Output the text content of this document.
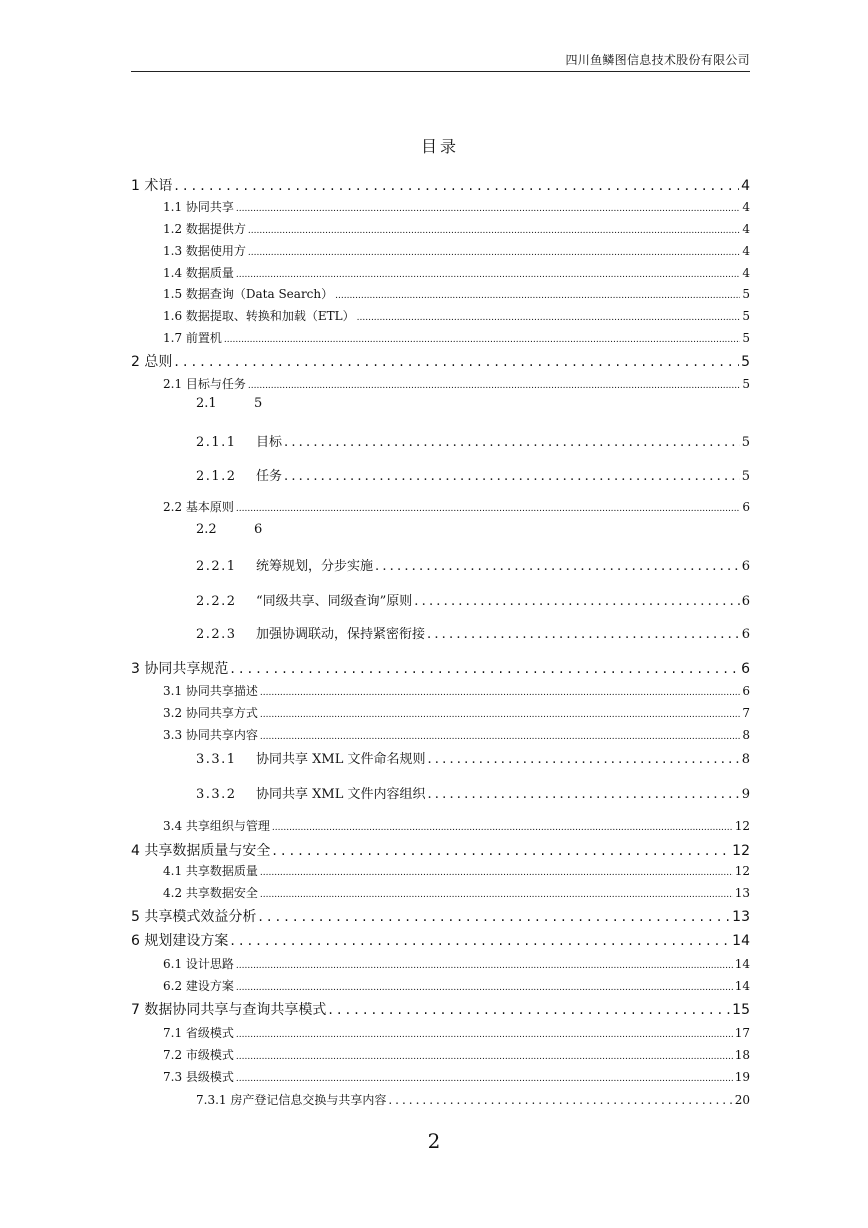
四川鱼鳞图信息技术股份有限公司
目录
1 术语 .....	4
1.1 协同共享 .....	4
1.2 数据提供方 .....	4
1.3 数据使用方 .....	4
1.4 数据质量 .....	4
1.5 数据查询（Data Search） .....	5
1.6 数据提取、转换和加载（ETL） .....	5
1.7 前置机 .....	5
2 总则 .....	5
2.1 目标与任务 .....	5
2.1	5
2.1.1 目标 .....	5
2.1.2 任务 .....	5
2.2 基本原则 .....	6
2.2	6
2.2.1 统筹规划，分步实施 .....	6
2.2.2 “同级共享、同级查询”原则 .....	6
2.2.3 加强协调联动，保持紧密衔接 .....	6
3 协同共享规范 .....	6
3.1 协同共享描述 .....	6
3.2 协同共享方式 .....	7
3.3 协同共享内容 .....	8
3.3.1 协同共享 XML 文件命名规则 .....	8
3.3.2 协同共享 XML 文件内容组织 .....	9
3.4 共享组织与管理 .....	12
4 共享数据质量与安全 .....	12
4.1 共享数据质量 .....	12
4.2 共享数据安全 .....	13
5 共享模式效益分析 .....	13
6 规划建设方案 .....	14
6.1 设计思路 .....	14
6.2 建设方案 .....	14
7 数据协同共享与查询共享模式 .....	15
7.1 省级模式 .....	17
7.2 市级模式 .....	18
7.3 县级模式 .....	19
7.3.1 房产登记信息交换与共享内容 .....	20
2
